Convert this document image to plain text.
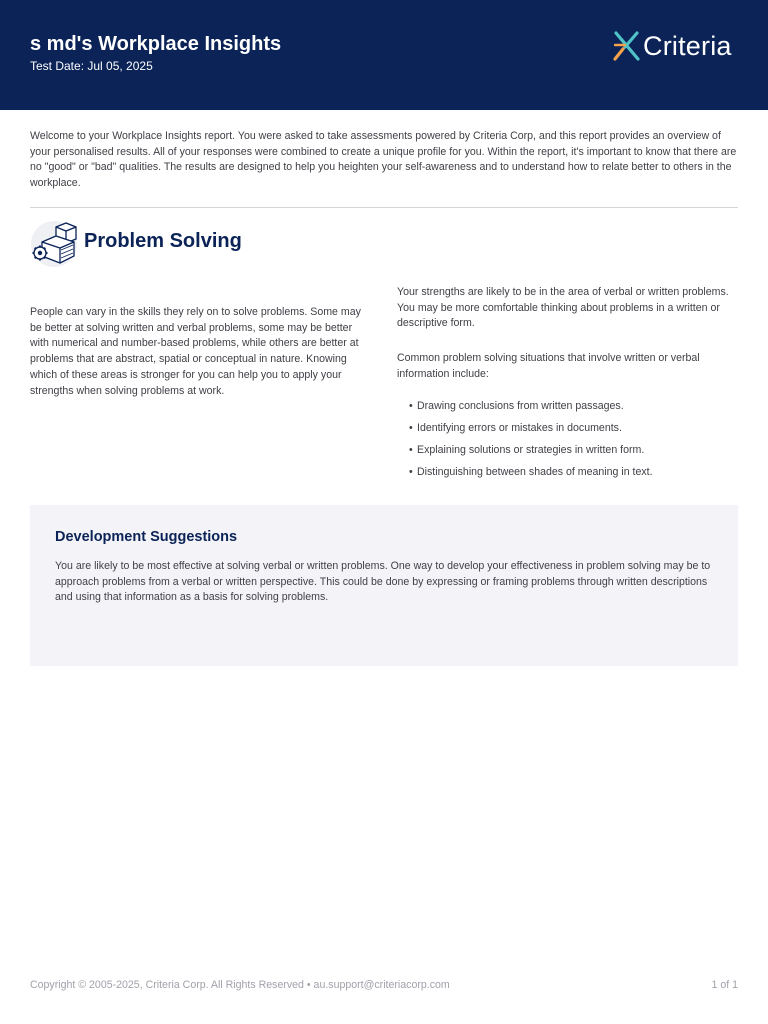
s md's Workplace Insights
Test Date: Jul 05, 2025
Criteria

Welcome to your Workplace Insights report. You were asked to take assessments powered by Criteria Corp, and this report provides an overview of your personalised results. All of your responses were combined to create a unique profile for you. Within the report, it's important to know that there are no "good" or "bad" qualities. The results are designed to help you heighten your self-awareness and to understand how to relate better to others in the workplace.

Problem Solving

People can vary in the skills they rely on to solve problems. Some may be better at solving written and verbal problems, some may be better with numerical and number-based problems, while others are better at problems that are abstract, spatial or conceptual in nature. Knowing which of these areas is stronger for you can help you to apply your strengths when solving problems at work.

Your strengths are likely to be in the area of verbal or written problems. You may be more comfortable thinking about problems in a written or descriptive form.

Common problem solving situations that involve written or verbal information include:

• Drawing conclusions from written passages.
• Identifying errors or mistakes in documents.
• Explaining solutions or strategies in written form.
• Distinguishing between shades of meaning in text.
Development Suggestions

You are likely to be most effective at solving verbal or written problems. One way to develop your effectiveness in problem solving may be to approach problems from a verbal or written perspective. This could be done by expressing or framing problems through written descriptions and using that information as a basis for solving problems.

Copyright © 2005-2025, Criteria Corp. All Rights Reserved • au.support@criteriacorp.com	1 of 1
